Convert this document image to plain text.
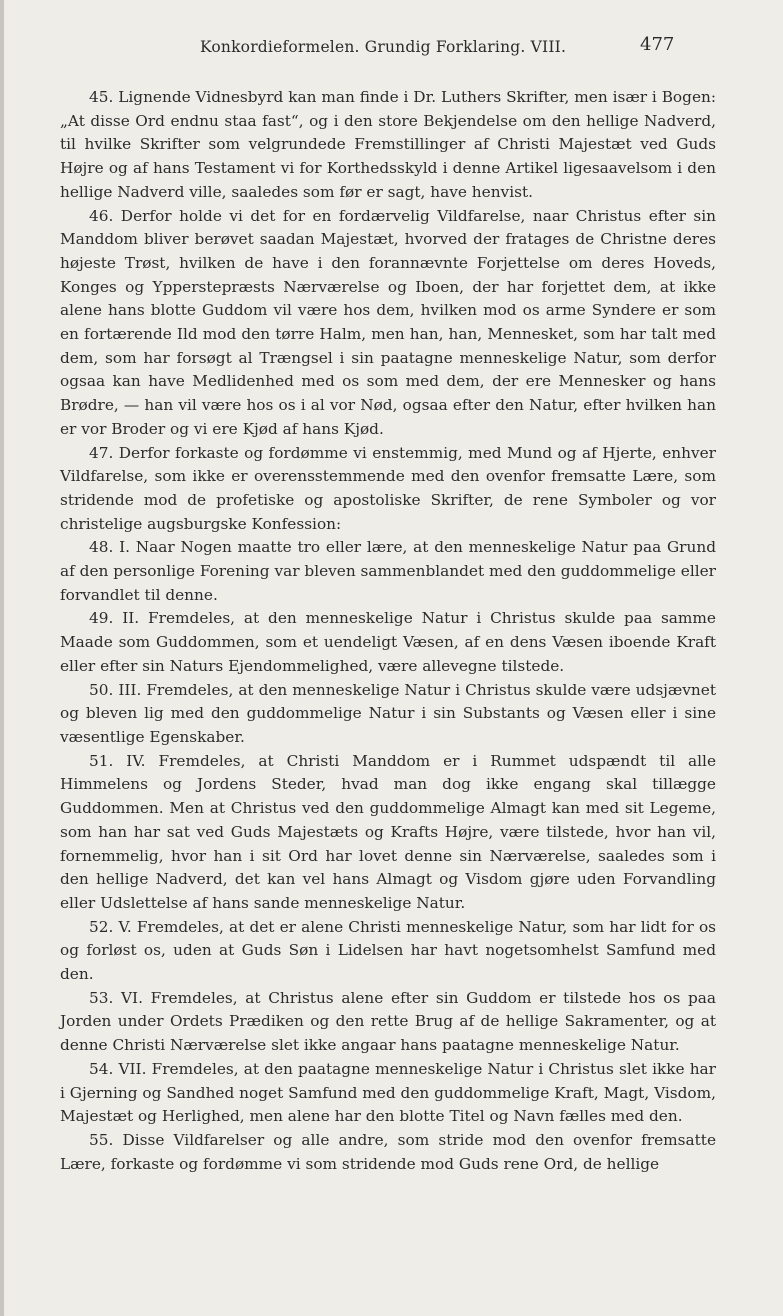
Konkordieformelen. Grundig Forklaring. VIII.	477

45. Lignende Vidnesbyrd kan man finde i Dr. Luthers Skrifter, men især i Bogen: „At disse Ord endnu staa fast“, og i den store Bekjendelse om den hellige Nadverd, til hvilke Skrifter som velgrundede Fremstillinger af Christi Majestæt ved Guds Højre og af hans Testament vi for Korthedsskyld i denne Artikel ligesaavelsom i den hellige Nadverd ville, saaledes som før er sagt, have henvist.

46. Derfor holde vi det for en fordærvelig Vildfarelse, naar Christus efter sin Manddom bliver berøvet saadan Majestæt, hvorved der fratages de Christne deres højeste Trøst, hvilken de have i den forannævnte Forjettelse om deres Hoveds, Konges og Ypperstepræsts Nærværelse og Iboen, der har forjettet dem, at ikke alene hans blotte Guddom vil være hos dem, hvilken mod os arme Syndere er som en fortærende Ild mod den tørre Halm, men han, han, Mennesket, som har talt med dem, som har forsøgt al Trængsel i sin paatagne menneskelige Natur, som derfor ogsaa kan have Medlidenhed med os som med dem, der ere Mennesker og hans Brødre, — han vil være hos os i al vor Nød, ogsaa efter den Natur, efter hvilken han er vor Broder og vi ere Kjød af hans Kjød.

47. Derfor forkaste og fordømme vi enstemmig, med Mund og af Hjerte, enhver Vildfarelse, som ikke er overensstemmende med den ovenfor fremsatte Lære, som stridende mod de profetiske og apostoliske Skrifter, de rene Symboler og vor christelige augsburgske Konfession:

48. I. Naar Nogen maatte tro eller lære, at den menneskelige Natur paa Grund af den personlige Forening var bleven sammenblandet med den guddommelige eller forvandlet til denne.

49. II. Fremdeles, at den menneskelige Natur i Christus skulde paa samme Maade som Guddommen, som et uendeligt Væsen, af en dens Væsen iboende Kraft eller efter sin Naturs Ejendommelighed, være allevegne tilstede.

50. III. Fremdeles, at den menneskelige Natur i Christus skulde være udsjævnet og bleven lig med den guddommelige Natur i sin Substants og Væsen eller i sine væsentlige Egenskaber.

51. IV. Fremdeles, at Christi Manddom er i Rummet udspændt til alle Himmelens og Jordens Steder, hvad man dog ikke engang skal tillægge Guddommen. Men at Christus ved den guddommelige Almagt kan med sit Legeme, som han har sat ved Guds Majestæts og Krafts Højre, være tilstede, hvor han vil, fornemmelig, hvor han i sit Ord har lovet denne sin Nærværelse, saaledes som i den hellige Nadverd, det kan vel hans Almagt og Visdom gjøre uden Forvandling eller Udslettelse af hans sande menneskelige Natur.

52. V. Fremdeles, at det er alene Christi menneskelige Natur, som har lidt for os og forløst os, uden at Guds Søn i Lidelsen har havt nogetsomhelst Samfund med den.

53. VI. Fremdeles, at Christus alene efter sin Guddom er tilstede hos os paa Jorden under Ordets Prædiken og den rette Brug af de hellige Sakramenter, og at denne Christi Nærværelse slet ikke angaar hans paatagne menneskelige Natur.

54. VII. Fremdeles, at den paatagne menneskelige Natur i Christus slet ikke har i Gjerning og Sandhed noget Samfund med den guddommelige Kraft, Magt, Visdom, Majestæt og Herlighed, men alene har den blotte Titel og Navn fælles med den.

55. Disse Vildfarelser og alle andre, som stride mod den ovenfor fremsatte Lære, forkaste og fordømme vi som stridende mod Guds rene Ord, de hellige
